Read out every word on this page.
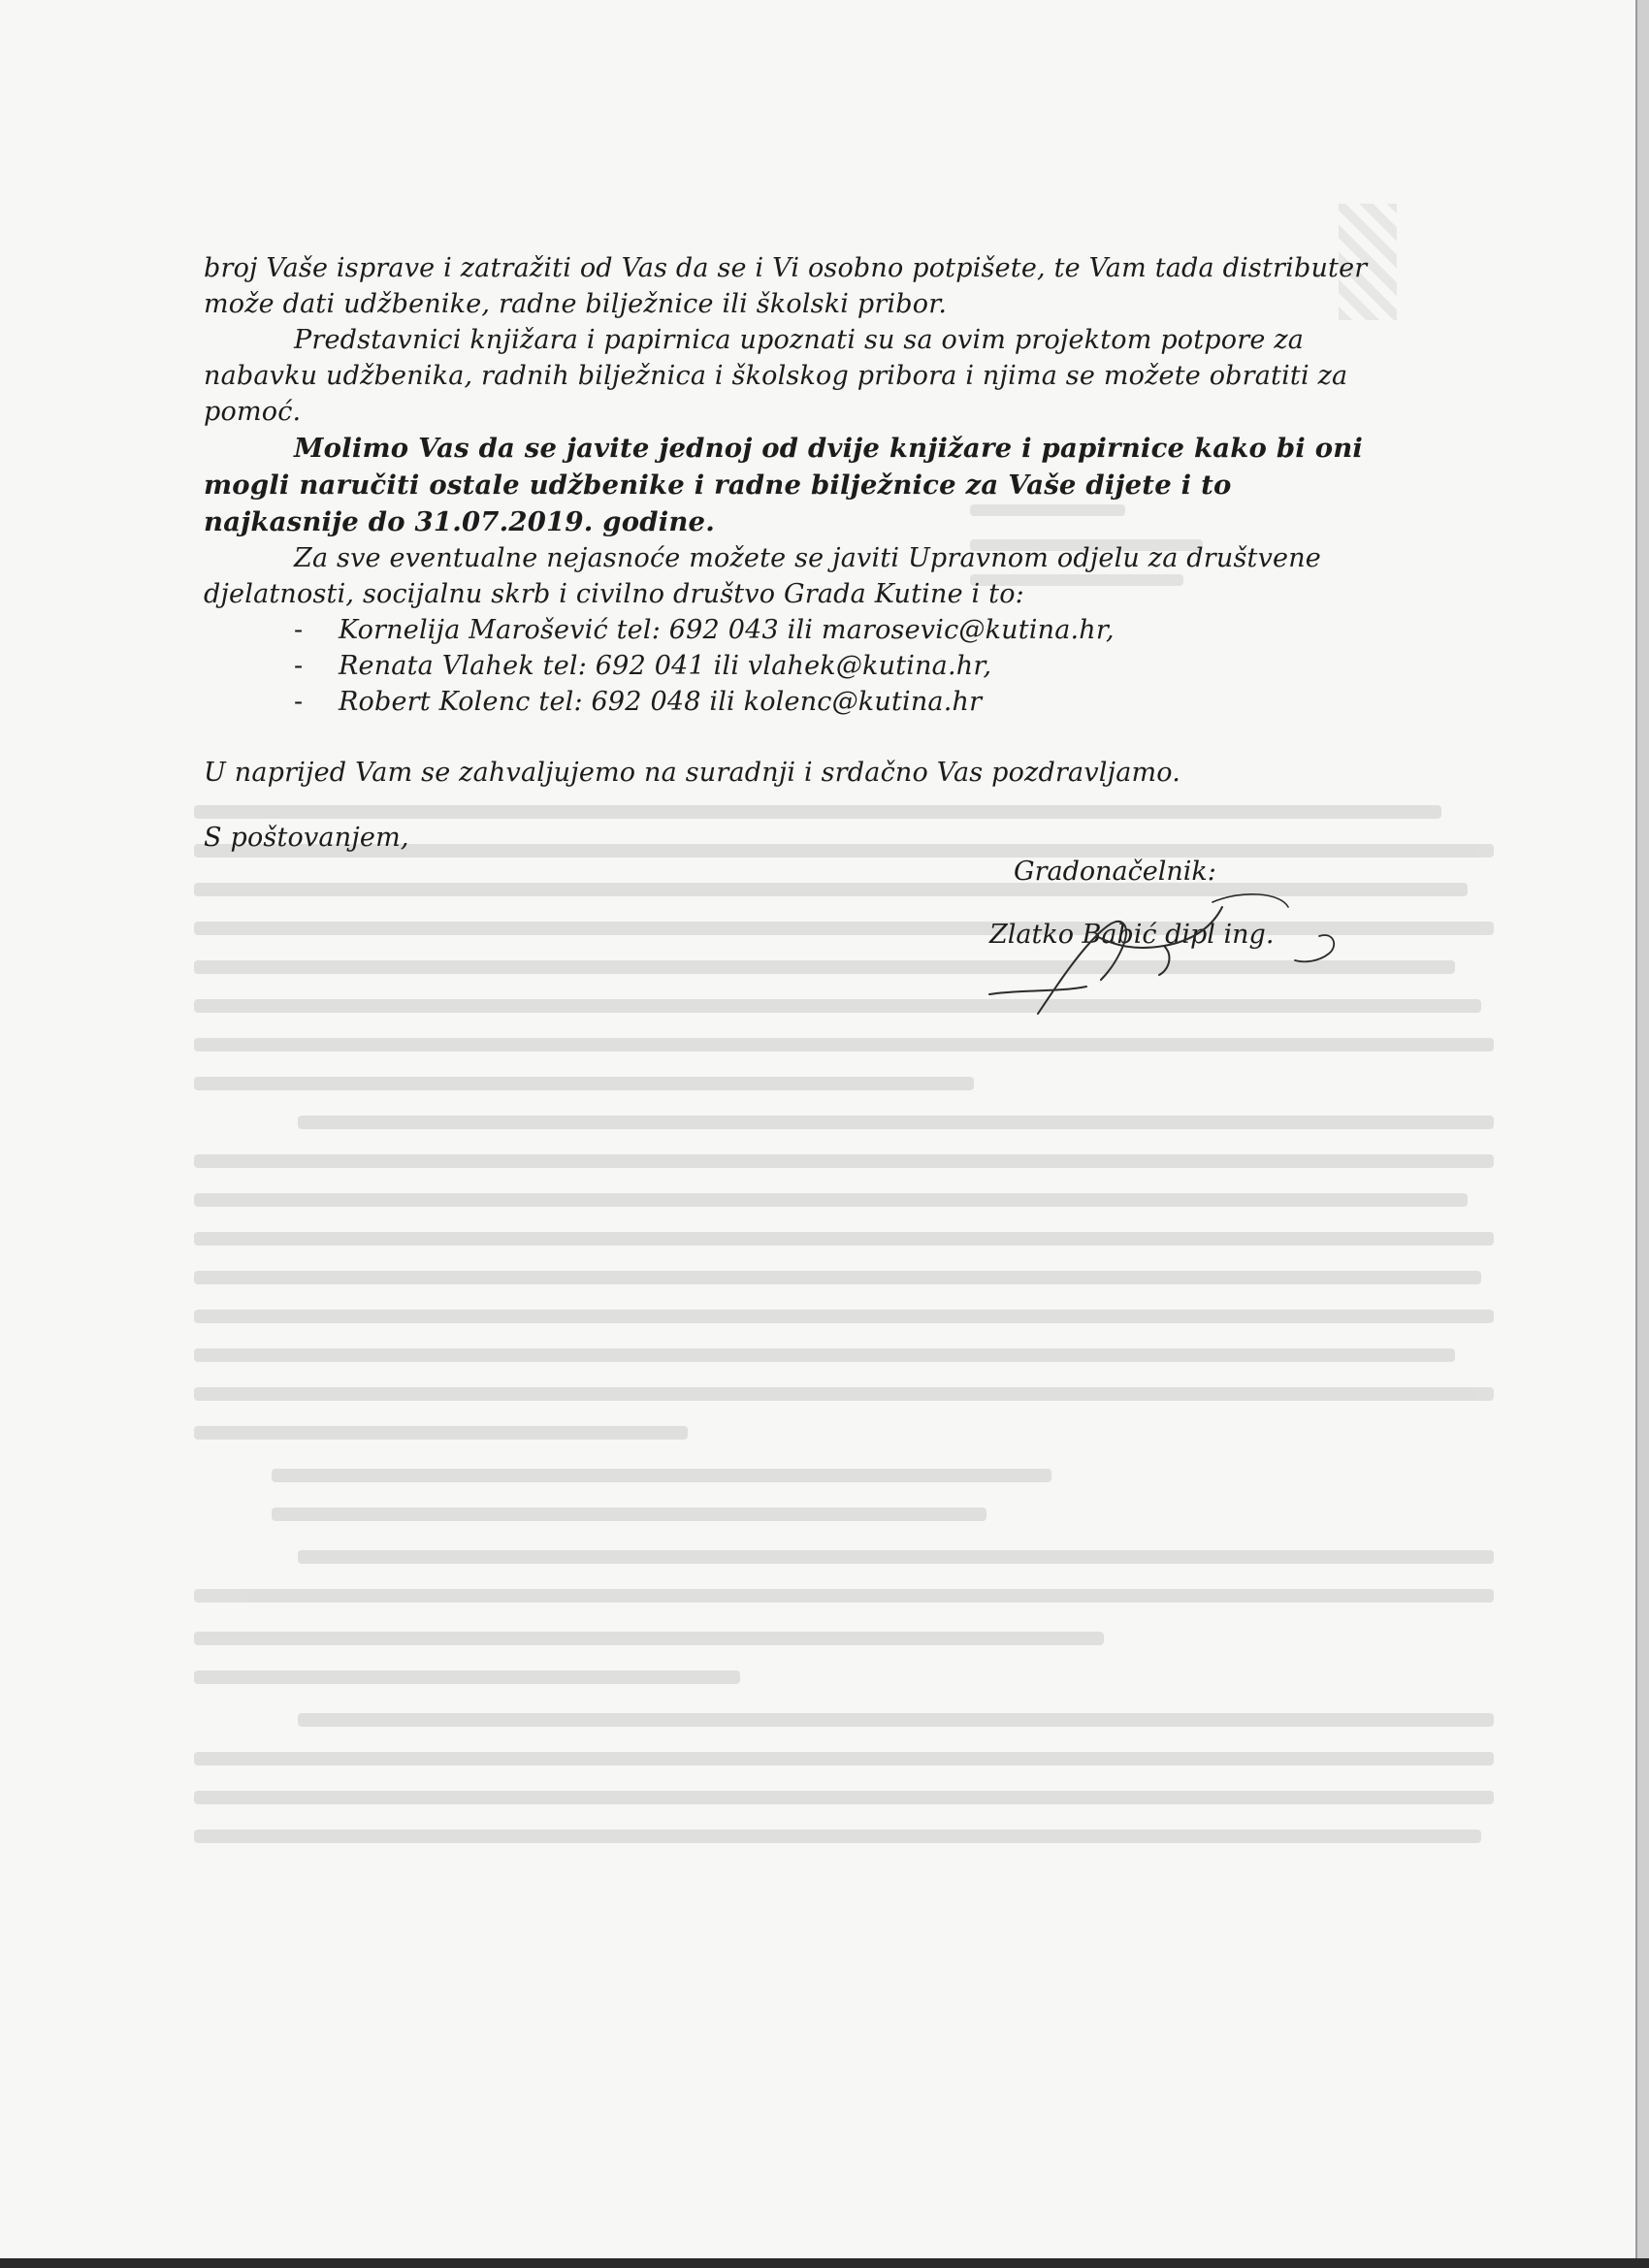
broj Vaše isprave i zatražiti od Vas da se i Vi osobno potpišete, te Vam tada distributer može dati udžbenike, radne bilježnice ili školski pribor.

Predstavnici knjižara i papirnica upoznati su sa ovim projektom potpore za nabavku udžbenika, radnih bilježnica i školskog pribora i njima se možete obratiti za pomoć.

Molimo Vas da se javite jednoj od dvije knjižare i papirnice kako bi oni mogli naručiti ostale udžbenike i radne bilježnice za Vaše dijete i to najkasnije do 31.07.2019. godine.

Za sve eventualne nejasnoće možete se javiti Upravnom odjelu za društvene djelatnosti, socijalnu skrb i civilno društvo Grada Kutine i to:

- Kornelija Marošević tel: 692 043 ili marosevic@kutina.hr,
- Renata Vlahek tel: 692 041 ili vlahek@kutina.hr,
- Robert Kolenc tel: 692 048 ili kolenc@kutina.hr

U naprijed Vam se zahvaljujemo na suradnji i srdačno Vas pozdravljamo.

S poštovanjem,

Gradonačelnik:
Zlatko Babić dipl ing.
